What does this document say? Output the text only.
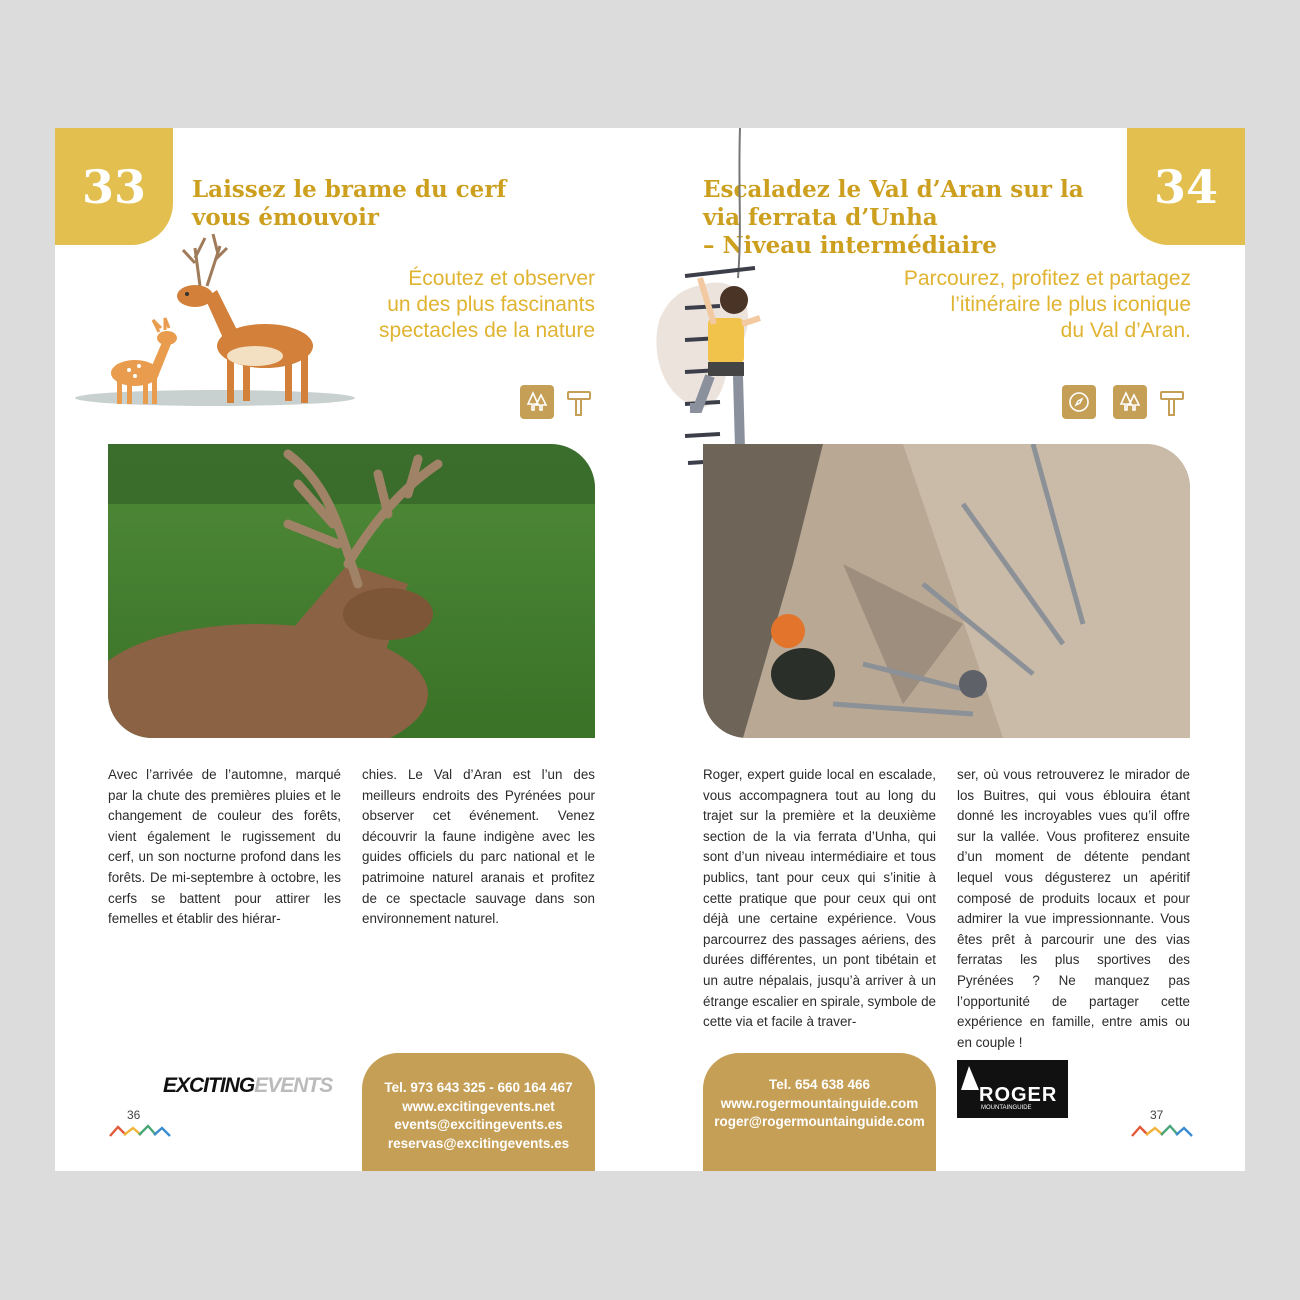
33	Laissez le brame du cerf
vous émouvoir
Écoutez et observer
un des plus fascinants
spectacles de la nature

Avec l’arrivée de l’automne, marqué par la chute des premières pluies et le changement de couleur des forêts, vient également le rugissement du cerf, un son nocturne profond dans les forêts. De mi-septembre à octobre, les cerfs se battent pour attirer les femelles et établir des hiérar-

chies. Le Val d’Aran est l’un des meilleurs endroits des Pyrénées pour observer cet événement. Venez découvrir la faune indigène avec les guides officiels du parc national et le patrimoine naturel aranais et profitez de ce spectacle sauvage dans son environnement naturel.

EXCITINGEVENTS
36
Tel. 973 643 325 - 660 164 467
www.excitingevents.net
events@excitingevents.es
reservas@excitingevents.es
34
Escaladez le Val d’Aran sur la
via ferrata d’Unha
– Niveau intermédiaire
Parcourez, profitez et partagez
l’itinéraire le plus iconique
du Val d’Aran.

Roger, expert guide local en escalade, vous accompagnera tout au long du trajet sur la première et la deuxième section de la via ferrata d’Unha, qui sont d’un niveau intermédiaire et tous publics, tant pour ceux qui s’initie à cette pratique que pour ceux qui ont déjà une certaine expérience. Vous parcourrez des passages aériens, des durées différentes, un pont tibétain et un autre népalais, jusqu’à arriver à un étrange escalier en spirale, symbole de cette via et facile à traver-

ser, où vous retrouverez le mirador de los Buitres, qui vous éblouira étant donné les incroyables vues qu’il offre sur la vallée. Vous profiterez ensuite d’un moment de détente pendant lequel vous dégusterez un apéritif composé de produits locaux et pour admirer la vue impressionnante. Vous êtes prêt à parcourir une des vias ferratas les plus sportives des Pyrénées ? Ne manquez pas l’opportunité de partager cette expérience en famille, entre amis ou en couple !

Tel. 654 638 466
www.rogermountainguide.com
roger@rogermountainguide.com
ROGER
MOUNTAINGUIDE	37
